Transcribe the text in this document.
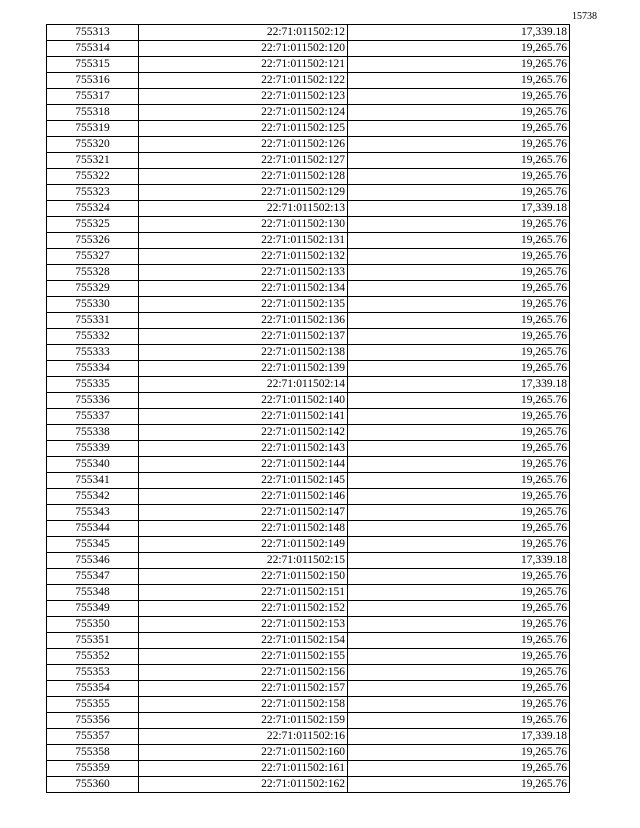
15738
755313	22:71:011502:12	17,339.18
755314	22:71:011502:120	19,265.76
755315	22:71:011502:121	19,265.76
755316	22:71:011502:122	19,265.76
755317	22:71:011502:123	19,265.76
755318	22:71:011502:124	19,265.76
755319	22:71:011502:125	19,265.76
755320	22:71:011502:126	19,265.76
755321	22:71:011502:127	19,265.76
755322	22:71:011502:128	19,265.76
755323	22:71:011502:129	19,265.76
755324	22:71:011502:13	17,339.18
755325	22:71:011502:130	19,265.76
755326	22:71:011502:131	19,265.76
755327	22:71:011502:132	19,265.76
755328	22:71:011502:133	19,265.76
755329	22:71:011502:134	19,265.76
755330	22:71:011502:135	19,265.76
755331	22:71:011502:136	19,265.76
755332	22:71:011502:137	19,265.76
755333	22:71:011502:138	19,265.76
755334	22:71:011502:139	19,265.76
755335	22:71:011502:14	17,339.18
755336	22:71:011502:140	19,265.76
755337	22:71:011502:141	19,265.76
755338	22:71:011502:142	19,265.76
755339	22:71:011502:143	19,265.76
755340	22:71:011502:144	19,265.76
755341	22:71:011502:145	19,265.76
755342	22:71:011502:146	19,265.76
755343	22:71:011502:147	19,265.76
755344	22:71:011502:148	19,265.76
755345	22:71:011502:149	19,265.76
755346	22:71:011502:15	17,339.18
755347	22:71:011502:150	19,265.76
755348	22:71:011502:151	19,265.76
755349	22:71:011502:152	19,265.76
755350	22:71:011502:153	19,265.76
755351	22:71:011502:154	19,265.76
755352	22:71:011502:155	19,265.76
755353	22:71:011502:156	19,265.76
755354	22:71:011502:157	19,265.76
755355	22:71:011502:158	19,265.76
755356	22:71:011502:159	19,265.76
755357	22:71:011502:16	17,339.18
755358	22:71:011502:160	19,265.76
755359	22:71:011502:161	19,265.76
755360	22:71:011502:162	19,265.76
